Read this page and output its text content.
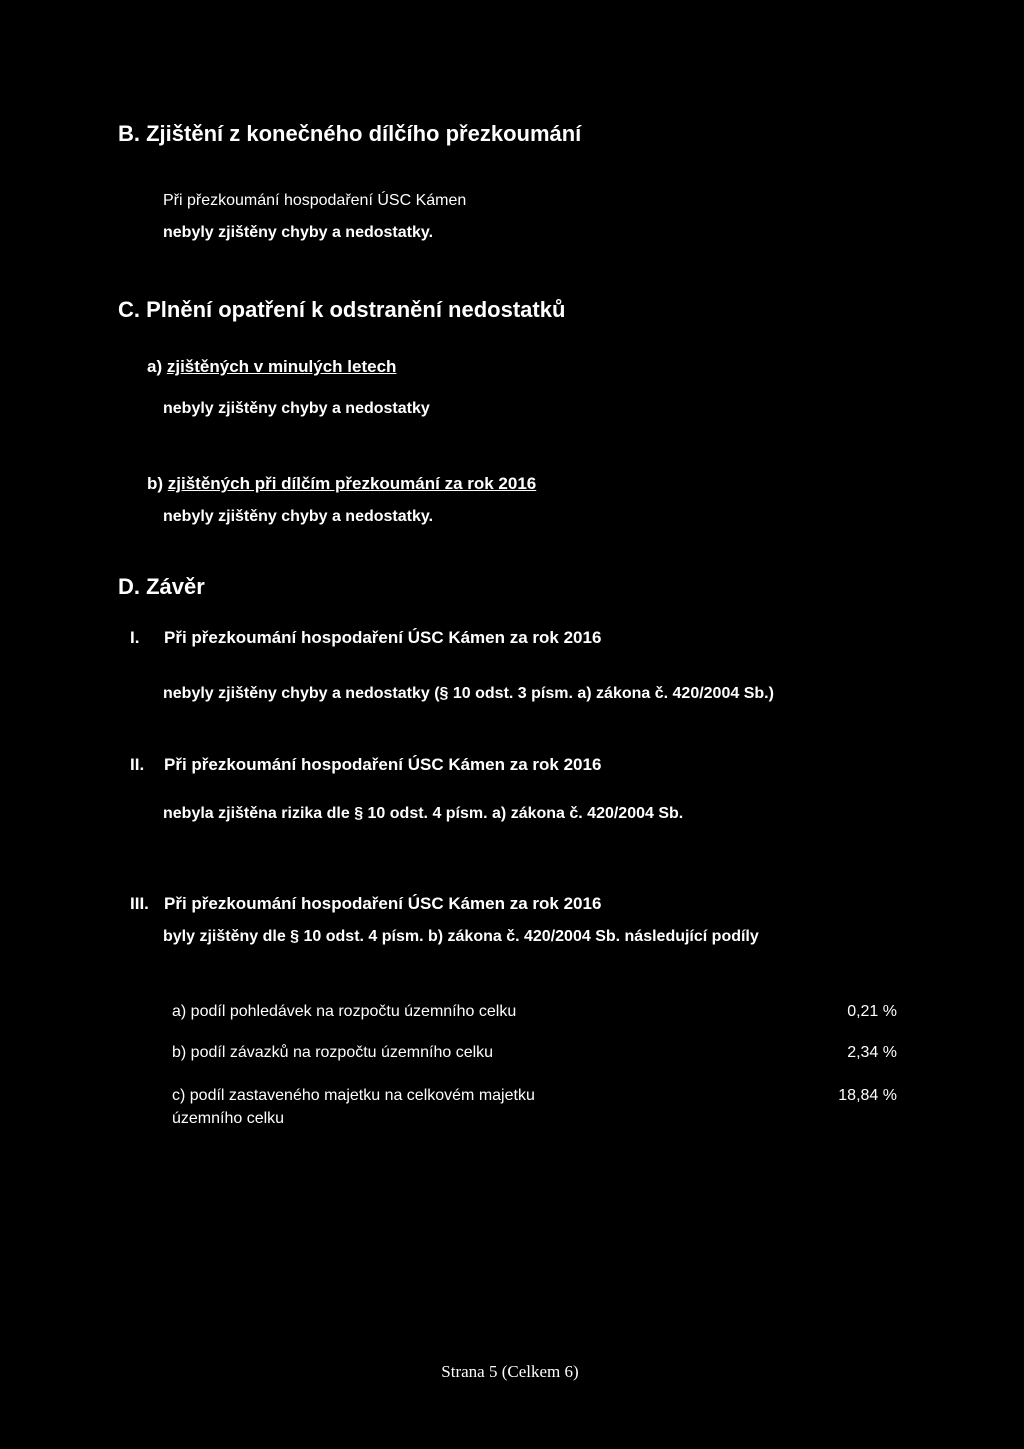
B. Zjištění z konečného dílčího přezkoumání
Při přezkoumání hospodaření ÚSC Kámen
nebyly zjištěny chyby a nedostatky.
C. Plnění opatření k odstranění nedostatků
a) zjištěných v minulých letech
nebyly zjištěny chyby a nedostatky
b) zjištěných při dílčím přezkoumání za rok 2016
nebyly zjištěny chyby a nedostatky.
D. Závěr
I. Při přezkoumání hospodaření ÚSC Kámen za rok 2016
nebyly zjištěny chyby a nedostatky (§ 10 odst. 3 písm. a) zákona č. 420/2004 Sb.)
II. Při přezkoumání hospodaření ÚSC Kámen za rok 2016
nebyla zjištěna rizika dle § 10 odst. 4 písm. a) zákona č. 420/2004 Sb.
III. Při přezkoumání hospodaření ÚSC Kámen za rok 2016
byly zjištěny dle § 10 odst. 4 písm. b) zákona č. 420/2004 Sb. následující podíly
a) podíl pohledávek na rozpočtu územního celku	0,21 %
b) podíl závazků na rozpočtu územního celku	2,34 %
c) podíl zastaveného majetku na celkovém majetku
územního celku
18,84 %
Strana 5 (Celkem 6)
